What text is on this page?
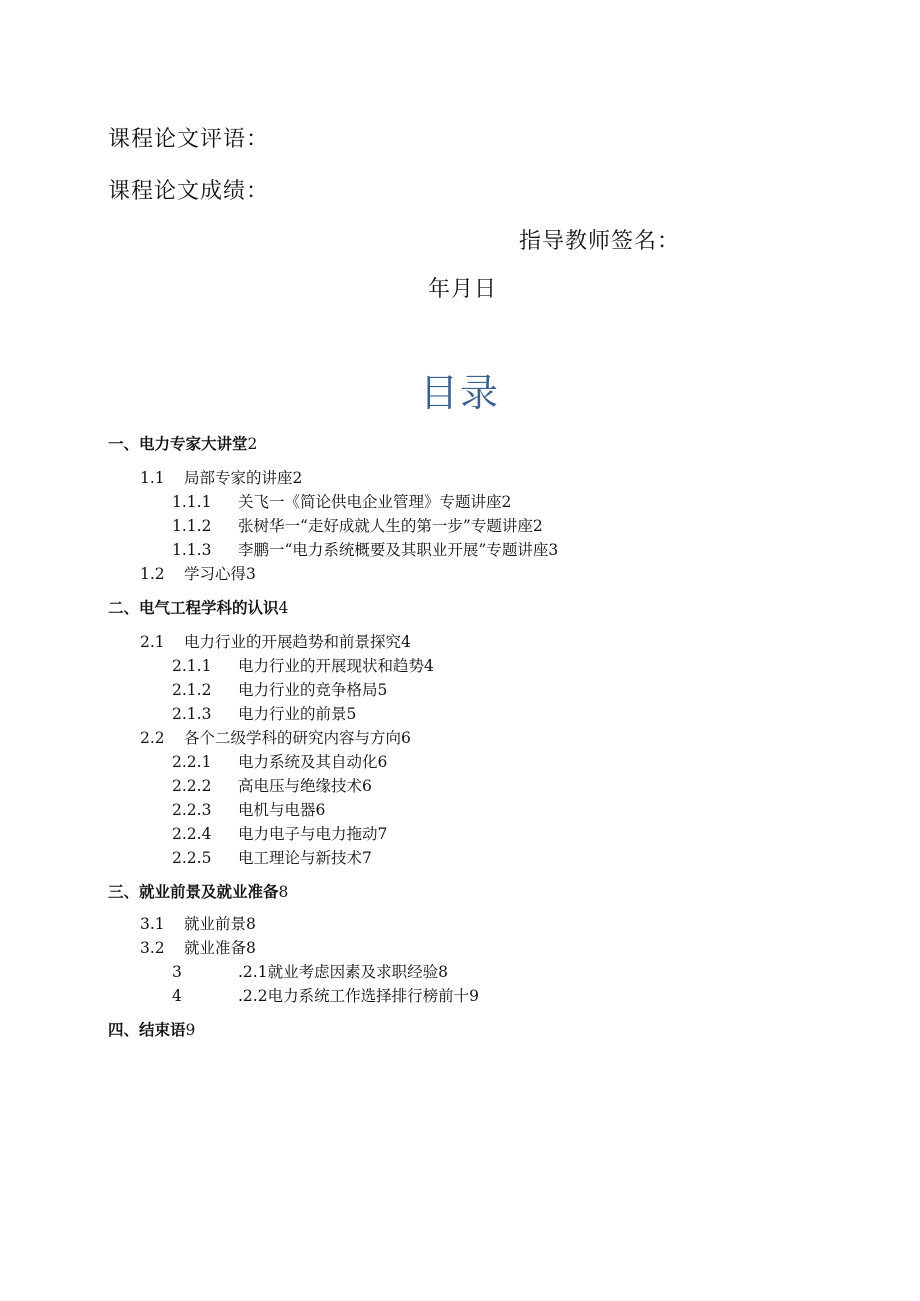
课程论文评语：
课程论文成绩：
指导教师签名：
年月日
目录
一、电力专家大讲堂2
1.1 局部专家的讲座2
1.1.1 关飞一《简论供电企业管理》专题讲座2
1.1.2 张树华一“走好成就人生的第一步”专题讲座2
1.1.3 李鹏一“电力系统概要及其职业开展”专题讲座3
1.2 学习心得3
二、电气工程学科的认识4
2.1 电力行业的开展趋势和前景探究4
2.1.1 电力行业的开展现状和趋势4
2.1.2 电力行业的竞争格局5
2.1.3 电力行业的前景5
2.2 各个二级学科的研究内容与方向6
2.2.1 电力系统及其自动化6
2.2.2 高电压与绝缘技术6
2.2.3 电机与电器6
2.2.4 电力电子与电力拖动7
2.2.5 电工理论与新技术7
三、就业前景及就业准备8
3.1 就业前景8
3.2 就业准备8
3	.2.1就业考虑因素及求职经验8
4	.2.2电力系统工作选择排行榜前十9
四、结束语9
